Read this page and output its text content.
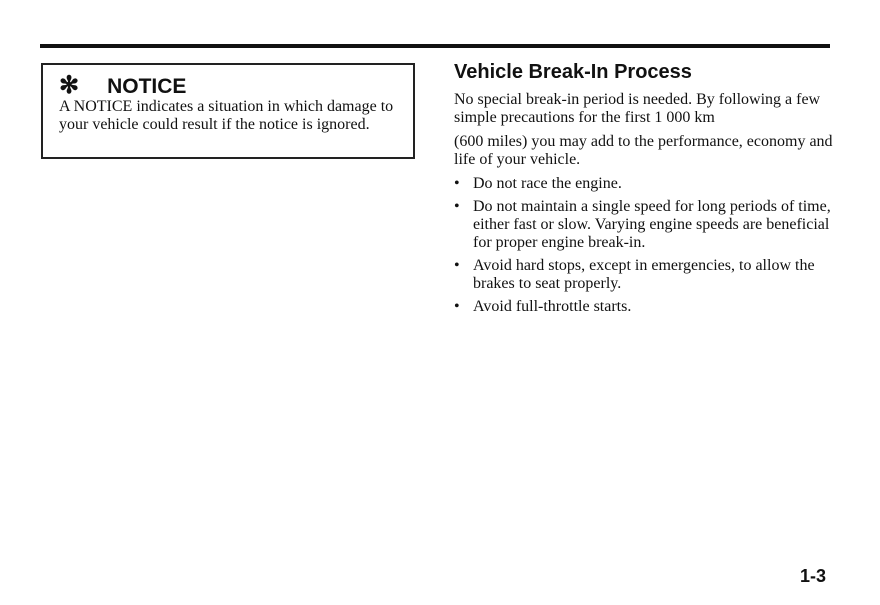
✻ NOTICE
A NOTICE indicates a situation in which damage to your vehicle could result if the notice is ignored.
Vehicle Break-In Process

No special break-in period is needed. By following a few simple precautions for the first 1 000 km

(600 miles) you may add to the performance, economy and life of your vehicle.

• Do not race the engine.
• Do not maintain a single speed for long periods of time, either fast or slow. Varying engine speeds are beneficial for proper engine break-in.
• Avoid hard stops, except in emergencies, to allow the brakes to seat properly.
• Avoid full-throttle starts.
1-3
